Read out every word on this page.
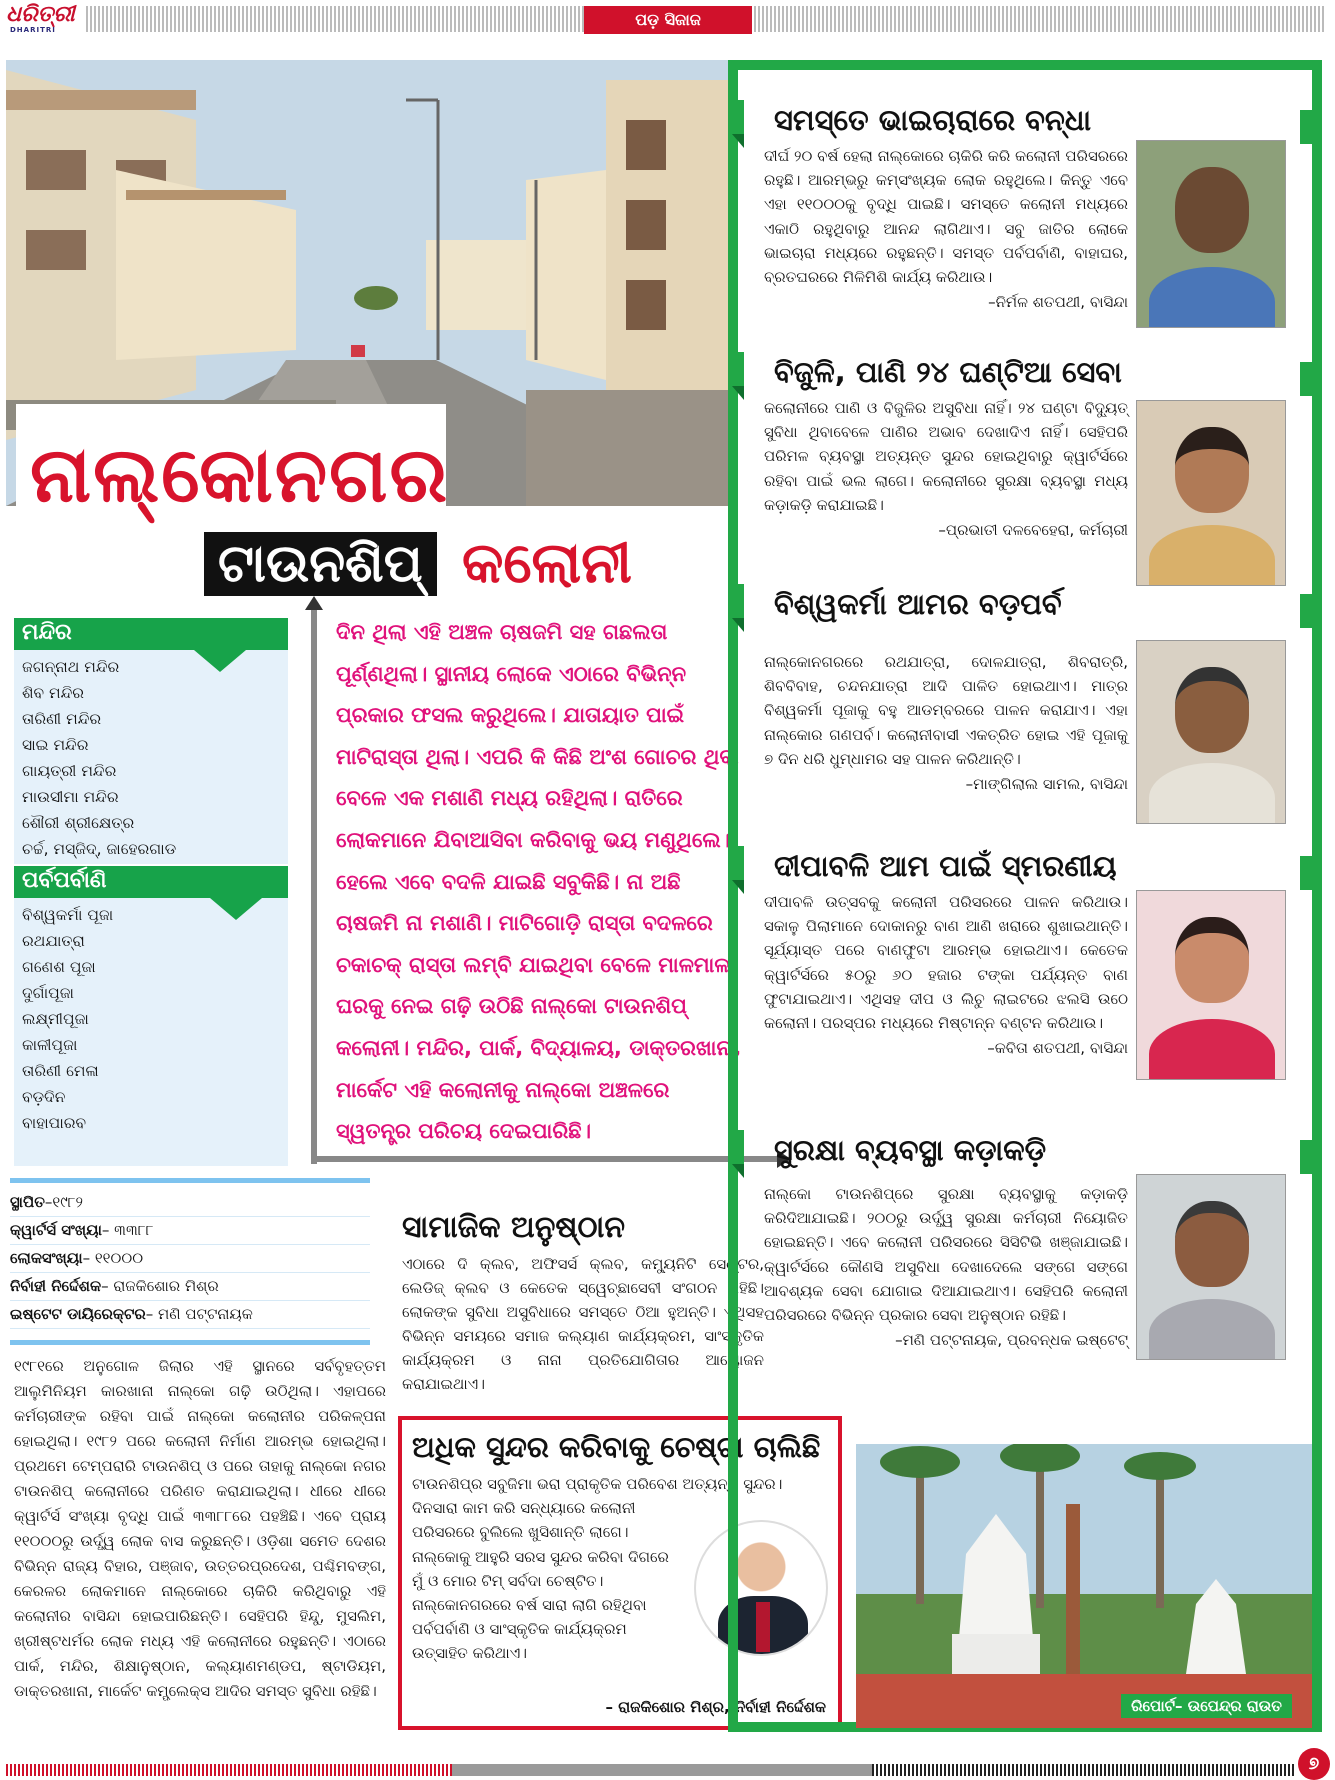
ଧରିତ୍ରୀ
DHARITRI
ପଡ଼ ସିଜାଜ
ନାଲ୍‌କୋନଗର
ଟାଉନଶିପ୍ କଲୋନୀ
ମନ୍ଦିର
ଜଗନ୍ନାଥ ମନ୍ଦିର
ଶିବ ମନ୍ଦିର
ତାରିଣୀ ମନ୍ଦିର
ସାଇ ମନ୍ଦିର
ଗାୟତ୍ରୀ ମନ୍ଦିର
ମାଉସୀମା ମନ୍ଦିର
ଶୌରୀ ଶ୍ରୀକ୍ଷେତ୍ର
ଚର୍ଚ୍ଚ, ମସ୍‌ଜିଦ୍, ଜାହେରଗାଡ
ପର୍ବପର୍ବାଣି
ବିଶ୍ୱକର୍ମା ପୂଜା
ରଥଯାତ୍ରା
ଗଣେଶ ପୂଜା
ଦୁର୍ଗାପୂଜା
ଲକ୍ଷ୍ମୀପୂଜା
କାଳୀପୂଜା
ତାରିଣୀ ମେଳା
ବଡ଼ଦିନ
ବାହାପାରବ
ସ୍ଥାପିତ–୧୯୮୨
କ୍ୱାର୍ଟର୍ସ ସଂଖ୍ୟା– ୩୩୮୮
ଲୋକସଂଖ୍ୟା– ୧୧୦୦୦
ନିର୍ବାହୀ ନିର୍ଦ୍ଦେଶକ– ରାଜକିଶୋର ମିଶ୍ର
ଇଷ୍ଟେଟ ଡାୟିରେକ୍ଟର– ମଣି ପଟ୍ଟନାୟକ

୧୯୮୧ରେ ଅନୁଗୋଳ ଜିଲାର ଏହି ସ୍ଥାନରେ ସର୍ବବୃହତ୍ତମ ଆଲୁମିନିୟମ କାରଖାନା ନାଲ୍‌କୋ ଗଢ଼ି ଉଠିଥିଲା। ଏହାପରେ କର୍ମଚାରୀଙ୍କ ରହିବା ପାଇଁ ନାଲ୍‌କୋ କଲୋନୀର ପରିକଳ୍ପନା ହୋଇଥିଲା। ୧୯୮୨ ପରେ କଲୋନୀ ନିର୍ମାଣ ଆରମ୍ଭ ହୋଇଥିଲା। ପ୍ରଥମେ ଟେମ୍ପରାରି ଟାଉନଶିପ୍ ଓ ପରେ ତାହାକୁ ନାଲ୍‌କୋ ନଗର ଟାଉନଶିପ୍ କଲୋନୀରେ ପରିଣତ କରାଯାଇଥିଲା। ଧୀରେ ଧୀରେ କ୍ୱାର୍ଟର୍ସ ସଂଖ୍ୟା ବୃଦ୍ଧି ପାଇଁ ୩୩୮୮ରେ ପହଞ୍ଚିଛି। ଏବେ ପ୍ରାୟ ୧୧୦୦୦ରୁ ଉର୍ଦ୍ଧ୍ୱ ଲୋକ ବାସ କରୁଛନ୍ତି। ଓଡ଼ିଶା ସମେତ ଦେଶର ବିଭିନ୍ନ ରାଜ୍ୟ ବିହାର, ପଞ୍ଜାବ, ଉତ୍ତରପ୍ରଦେଶ, ପଶ୍ଚିମବଙ୍ଗ, କେରଳର ଲୋକମାନେ ନାଲ୍‌କୋରେ ଚାକିରି କରିଥିବାରୁ ଏହି କଲୋନୀର ବାସିନ୍ଦା ହୋଇପାରିଛନ୍ତି। ସେହିପରି ହିନ୍ଦୁ, ମୁସଲିମ, ଖ୍ରୀଷ୍ଟଧର୍ମର ଲୋକ ମଧ୍ୟ ଏହି କଲୋନୀରେ ରହୁଛନ୍ତି। ଏଠାରେ ପାର୍କ, ମନ୍ଦିର, ଶିକ୍ଷାନୁଷ୍ଠାନ, କଲ୍ୟାଣମଣ୍ଡପ, ଷ୍ଟାଡିୟମ, ଡାକ୍ତରଖାନା, ମାର୍କେଟ କମ୍ପ୍ଲେକ୍ସ ଆଦିର ସମସ୍ତ ସୁବିଧା ରହିଛି।

ଦିନ ଥିଲା ଏହି ଅଞ୍ଚଳ ଚାଷଜମି ସହ ଗଛଲତା ପୂର୍ଣ୍ଣଥିଲା। ସ୍ଥାନୀୟ ଲୋକେ ଏଠାରେ ବିଭିନ୍ନ ପ୍ରକାର ଫସଲ କରୁଥିଲେ। ଯାତାୟାତ ପାଇଁ ମାଟିରାସ୍ତା ଥିଲା। ଏପରି କି କିଛି ଅଂଶ ଗୋଚର ଥିବା ବେଳେ ଏକ ମଶାଣି ମଧ୍ୟ ରହିଥିଲା। ରାତିରେ ଲୋକମାନେ ଯିବାଆସିବା କରିବାକୁ ଭୟ ମଣୁଥିଲେ। ହେଲେ ଏବେ ବଦଳି ଯାଇଛି ସବୁକିଛି। ନା ଅଛି ଚାଷଜମି ନା ମଶାଣି। ମାଟିଗୋଡ଼ି ରାସ୍ତା ବଦଳରେ ଚକାଚକ୍ ରାସ୍ତା ଲମ୍ବି ଯାଇଥିବା ବେଳେ ମାଳମାଳ ଘରକୁ ନେଇ ଗଢ଼ି ଉଠିଛି ନାଲ୍‌କୋ ଟାଉନଶିପ୍ କଲୋନୀ। ମନ୍ଦିର, ପାର୍କ, ବିଦ୍ୟାଳୟ, ଡାକ୍ତରଖାନା, ମାର୍କେଟ ଏହି କଲୋନୀକୁ ନାଲ୍‌କୋ ଅଞ୍ଚଳରେ ସ୍ୱତନ୍ତ୍ର ପରିଚୟ ଦେଇପାରିଛି।

ସାମାଜିକ ଅନୁଷ୍ଠାନ

ଏଠାରେ ଦି କ୍ଲବ, ଅଫିସର୍ସ କ୍ଲବ, କମ୍ୟୁନିଟି ସେଣ୍ଟର, ଲେଡିଜ୍ କ୍ଲବ ଓ କେତେକ ସ୍ୱେଚ୍ଛାସେବୀ ସଂଗଠନ ରହିଛି। ଲୋକଙ୍କ ସୁବିଧା ଅସୁବିଧାରେ ସମସ୍ତେ ଠିଆ ହୁଅନ୍ତି। ଏଥିସହ ବିଭିନ୍ନ ସମୟରେ ସମାଜ କଲ୍ୟାଣ କାର୍ଯ୍ୟକ୍ରମ, ସାଂସ୍କୃତିକ କାର୍ଯ୍ୟକ୍ରମ ଓ ନାନା ପ୍ରତିଯୋଗିତାର ଆୟୋଜନ କରାଯାଇଥାଏ।

ଅଧିକ ସୁନ୍ଦର କରିବାକୁ ଚେଷ୍ଟା ଚାଲିଛି

ଟାଉନଶିପ୍‌ର ସବୁଜିମା ଭରା ପ୍ରାକୃତିକ ପରିବେଶ ଅତ୍ୟନ୍ତ ସୁନ୍ଦର।

ଦିନସାରା କାମ କରି ସନ୍ଧ୍ୟାରେ କଲୋନୀ ପରିସରରେ ବୁଲିଲେ ଖୁସିଶାନ୍ତି ଲାଗେ। ନାଲ୍‌କୋକୁ ଆହୁରି ସରସ ସୁନ୍ଦର କରିବା ଦିଗରେ ମୁଁ ଓ ମୋର ଟିମ୍ ସର୍ବଦା ଚେଷ୍ଟିତ। ନାଲ୍‌କୋନଗରରେ ବର୍ଷ ସାରା ଲାଗି ରହିଥିବା ପର୍ବପର୍ବାଣି ଓ ସାଂସ୍କୃତିକ କାର୍ଯ୍ୟକ୍ରମ ଉତ୍ସାହିତ କରିଥାଏ।

– ରାଜକିଶୋର ମିଶ୍ର, ନିର୍ବାହୀ ନିର୍ଦ୍ଦେଶକ
ସମସ୍ତେ ଭାଇଚାରାରେ ବନ୍ଧା

ଦୀର୍ଘ ୨୦ ବର୍ଷ ହେଲା ନାଲ୍‌କୋରେ ଚାକିରି କରି କଲୋନୀ ପରିସରରେ ରହୁଛି। ଆରମ୍ଭରୁ କମ୍‌ସଂଖ୍ୟକ ଲୋକ ରହୁଥିଲେ। କିନ୍ତୁ ଏବେ ଏହା ୧୧୦୦୦କୁ ବୃଦ୍ଧି ପାଇଛି। ସମସ୍ତେ କଲୋନୀ ମଧ୍ୟରେ ଏକାଠି ରହୁଥିବାରୁ ଆନନ୍ଦ ଲାଗିଥାଏ। ସବୁ ଜାତିର ଲୋକେ ଭାଇଚାରା ମଧ୍ୟରେ ରହୁଛନ୍ତି। ସମସ୍ତ ପର୍ବପର୍ବାଣି, ବାହାଘର, ବ୍ରତଘରରେ ମିଳିମିଶି କାର୍ଯ୍ୟ କରିଥାଉ।

–ନିର୍ମଳ ଶତପଥୀ, ବାସିନ୍ଦା

ବିଜୁଳି, ପାଣି ୨୪ ଘଣ୍ଟିଆ ସେବା

କଲୋନୀରେ ପାଣି ଓ ବିଜୁଳିର ଅସୁବିଧା ନାହିଁ। ୨୪ ଘଣ୍ଟା ବିଦ୍ୟୁତ୍ ସୁବିଧା ଥିବାବେଳେ ପାଣିର ଅଭାବ ଦେଖାଦିଏ ନାହିଁ। ସେହିପରି ପରିମଳ ବ୍ୟବସ୍ଥା ଅତ୍ୟନ୍ତ ସୁନ୍ଦର ହୋଇଥିବାରୁ କ୍ୱାର୍ଟର୍ସରେ ରହିବା ପାଇଁ ଭଲ ଲାଗେ। କଲୋନୀରେ ସୁରକ୍ଷା ବ୍ୟବସ୍ଥା ମଧ୍ୟ କଡ଼ାକଡ଼ି କରାଯାଇଛି।

–ପ୍ରଭାତୀ ଦଳବେହେରା, କର୍ମଚାରୀ

ବିଶ୍ୱକର୍ମା ଆମର ବଡ଼ପର୍ବ

ନାଲ୍‌କୋନଗରରେ ରଥଯାତ୍ରା, ଦୋଳଯାତ୍ରା, ଶିବରାତ୍ରି, ଶିବବିବାହ, ଚନ୍ଦନଯାତ୍ରା ଆଦି ପାଳିତ ହୋଇଥାଏ। ମାତ୍ର ବିଶ୍ୱକର୍ମା ପୂଜାକୁ ବହୁ ଆଡମ୍ବରରେ ପାଳନ କରାଯାଏ। ଏହା ନାଲ୍‌କୋର ଗଣପର୍ବ। କଲୋନୀବାସୀ ଏକତ୍ରିତ ହୋଇ ଏହି ପୂଜାକୁ ୭ ଦିନ ଧରି ଧୁମ୍‌ଧାମର ସହ ପାଳନ କରିଥାନ୍ତି।

–ମାଙ୍ଗିଲାଲ ସାମଲ, ବାସିନ୍ଦା

ଦୀପାବଳି ଆମ ପାଇଁ ସ୍ମରଣୀୟ

ଦୀପାବଳି ଉତ୍ସବକୁ କଲୋନୀ ପରିସରରେ ପାଳନ କରିଥାଉ। ସକାଳୁ ପିଲାମାନେ ଦୋକାନରୁ ବାଣ ଆଣି ଖରାରେ ଶୁଖାଇଥାନ୍ତି। ସୂର୍ଯ୍ୟାସ୍ତ ପରେ ବାଣଫୁଟା ଆରମ୍ଭ ହୋଇଥାଏ। କେତେକ କ୍ୱାର୍ଟର୍ସରେ ୫୦ରୁ ୬୦ ହଜାର ଟଙ୍କା ପର୍ଯ୍ୟନ୍ତ ବାଣ ଫୁଟାଯାଇଥାଏ। ଏଥିସହ ଦୀପ ଓ ଲିଚୁ ଲାଇଟରେ ଝଲସି ଉଠେ କଲୋନୀ। ପରସ୍ପର ମଧ୍ୟରେ ମିଷ୍ଟାନ୍ନ ବଣ୍ଟନ କରିଥାଉ।

–କବିତା ଶତପଥୀ, ବାସିନ୍ଦା

ସୁରକ୍ଷା ବ୍ୟବସ୍ଥା କଡ଼ାକଡ଼ି

ନାଲ୍‌କୋ ଟାଉନଶିପ୍‌ରେ ସୁରକ୍ଷା ବ୍ୟବସ୍ଥାକୁ କଡ଼ାକଡ଼ି କରିଦିଆଯାଇଛି। ୨୦୦ରୁ ଉର୍ଦ୍ଧ୍ୱ ସୁରକ୍ଷା କର୍ମଚାରୀ ନିୟୋଜିତ ହୋଇଛନ୍ତି। ଏବେ କଲୋନୀ ପରିସରରେ ସିସିଟିଭି ଖଞ୍ଜାଯାଇଛି। କ୍ୱାର୍ଟର୍ସରେ କୌଣସି ଅସୁବିଧା ଦେଖାଦେଲେ ସଙ୍ଗେ ସଙ୍ଗେ ଆବଶ୍ୟକ ସେବା ଯୋଗାଇ ଦିଆଯାଇଥାଏ। ସେହିପରି କଲୋନୀ ପରିସରରେ ବିଭିନ୍ନ ପ୍ରକାର ସେବା ଅନୁଷ୍ଠାନ ରହିଛି।

–ମଣି ପଟ୍ଟନାୟକ, ପ୍ରବନ୍ଧକ ଇଷ୍ଟେଟ୍

ରିପୋର୍ଟ– ଉପେନ୍ଦ୍ର ରାଉତ
୭
